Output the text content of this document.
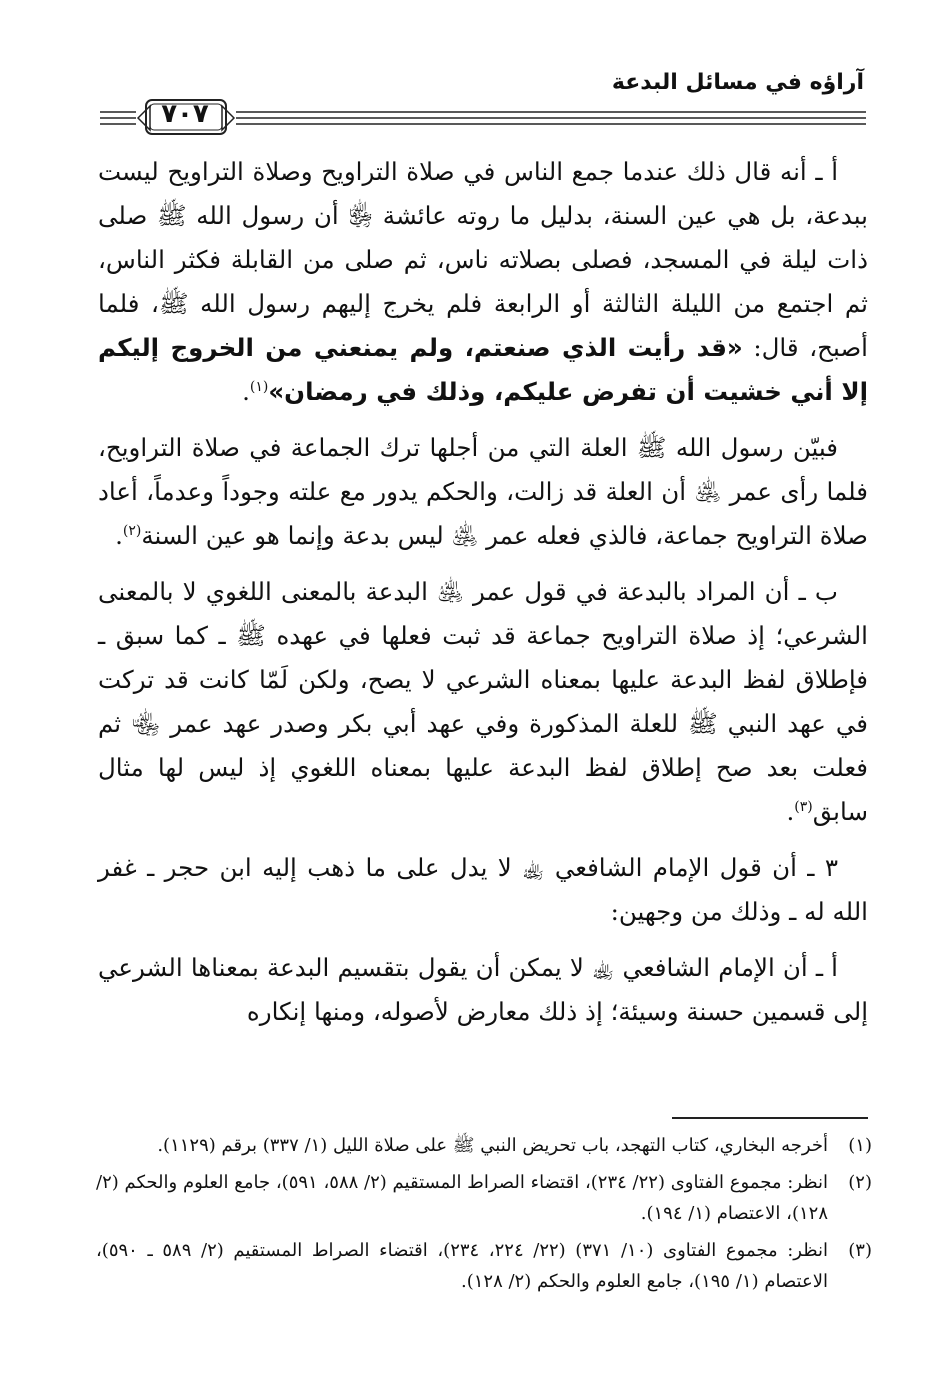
آراؤه في مسائل البدعة
٧٠٧

أ ـ أنه قال ذلك عندما جمع الناس في صلاة التراويح وصلاة التراويح ليست ببدعة، بل هي عين السنة، بدليل ما روته عائشة ﵂ أن رسول الله ﷺ صلى ذات ليلة في المسجد، فصلى بصلاته ناس، ثم صلى من القابلة فكثر الناس، ثم اجتمع من الليلة الثالثة أو الرابعة فلم يخرج إليهم رسول الله ﷺ، فلما أصبح، قال: «قد رأيت الذي صنعتم، ولم يمنعني من الخروج إليكم إلا أني خشيت أن تفرض عليكم، وذلك في رمضان»$^{(١)}$.

فبيّن رسول الله ﷺ العلة التي من أجلها ترك الجماعة في صلاة التراويح، فلما رأى عمر ﵁ أن العلة قد زالت، والحكم يدور مع علته وجوداً وعدماً، أعاد صلاة التراويح جماعة، فالذي فعله عمر ﵁ ليس بدعة وإنما هو عين السنة$^{(٢)}$.

ب ـ أن المراد بالبدعة في قول عمر ﵁ البدعة بالمعنى اللغوي لا بالمعنى الشرعي؛ إذ صلاة التراويح جماعة قد ثبت فعلها في عهده ﷺ ـ كما سبق ـ فإطلاق لفظ البدعة عليها بمعناه الشرعي لا يصح، ولكن لَمّا كانت قد تركت في عهد النبي ﷺ للعلة المذكورة وفي عهد أبي بكر وصدر عهد عمر ﵄ ثم فعلت بعد صح إطلاق لفظ البدعة عليها بمعناه اللغوي إذ ليس لها مثال سابق$^{(٣)}$.

٣ ـ أن قول الإمام الشافعي ﵀ لا يدل على ما ذهب إليه ابن حجر ـ غفر الله له ـ وذلك من وجهين:

أ ـ أن الإمام الشافعي ﵀ لا يمكن أن يقول بتقسيم البدعة بمعناها الشرعي إلى قسمين حسنة وسيئة؛ إذ ذلك معارض لأصوله، ومنها إنكاره

(١)
أخرجه البخاري، كتاب التهجد، باب تحريض النبي ﷺ على صلاة الليل (١/ ٣٣٧) برقم (١١٢٩).
(٢)
انظر: مجموع الفتاوى (٢٢/ ٢٣٤)، اقتضاء الصراط المستقيم (٢/ ٥٨٨، ٥٩١)، جامع العلوم والحكم (٢/ ١٢٨)، الاعتصام (١/ ١٩٤).
(٣)
انظر: مجموع الفتاوى (١٠/ ٣٧١) (٢٢/ ٢٢٤، ٢٣٤)، اقتضاء الصراط المستقيم (٢/ ٥٨٩ ـ ٥٩٠)، الاعتصام (١/ ١٩٥)، جامع العلوم والحكم (٢/ ١٢٨).
